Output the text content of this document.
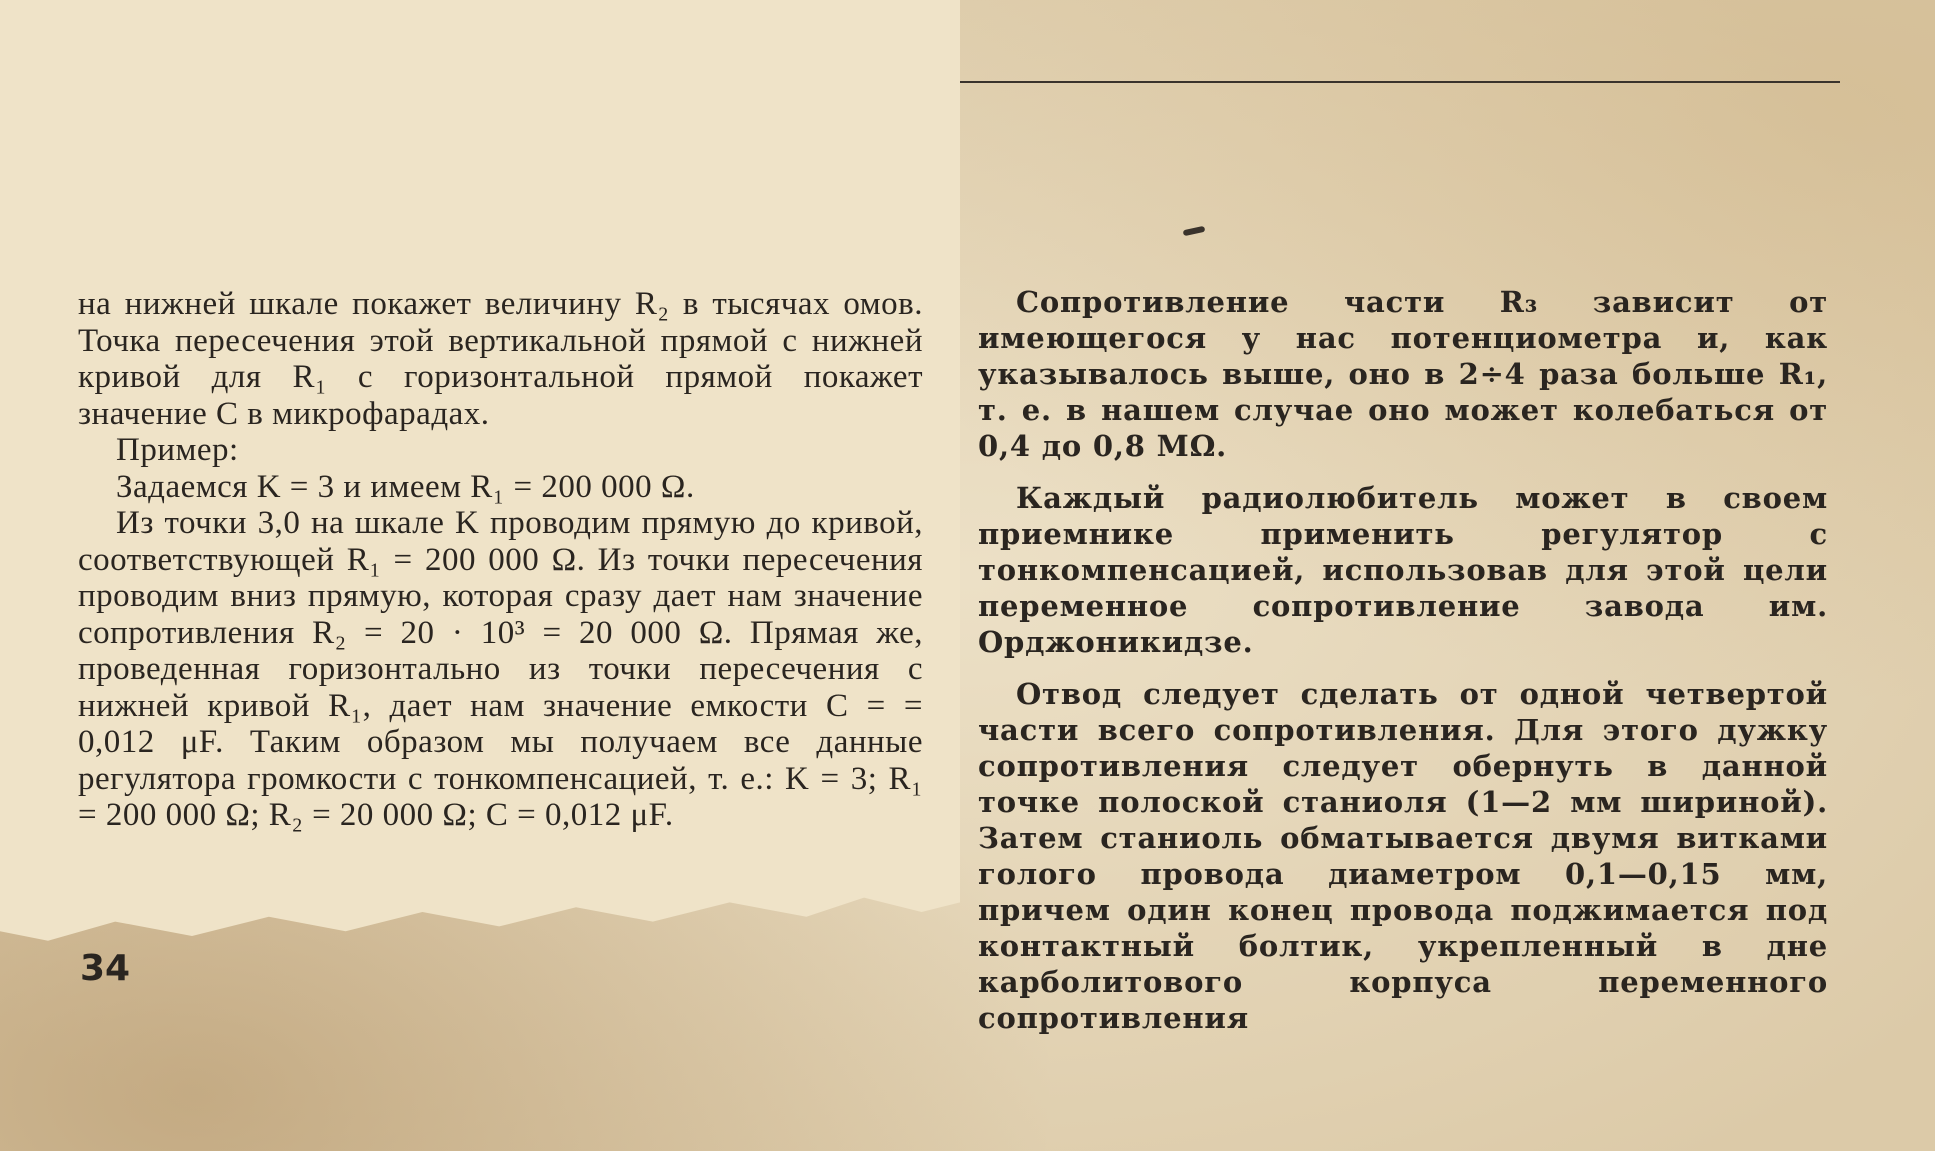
на нижней шкале покажет величину R₂ в тысячах омов. Точка пересечения этой вертикальной прямой с нижней кривой для R₁ с горизонтальной прямой покажет значение C в микрофарадах.

Пример:

Задаемся K = 3 и имеем R₁ = 200 000 Ω.

Из точки 3,0 на шкале K проводим прямую до кривой, соответствующей R₁ = 200 000 Ω. Из точки пересечения проводим вниз прямую, которая сразу дает нам значение сопротивления R₂ = 20 · 10³ = 20 000 Ω. Прямая же, проведенная горизонтально из точки пересечения с нижней кривой R₁, дает нам значение емкости C = = 0,012 μF. Таким образом мы получаем все данные регулятора громкости с тонкомпенсацией, т. е.: K = 3; R₁ = 200 000 Ω; R₂ = 20 000 Ω; C = 0,012 μF.

Сопротивление части R₃ зависит от имеющегося у нас потенциометра и, как указывалось выше, оно в 2÷4 раза больше R₁, т. е. в нашем случае оно может колебаться от 0,4 до 0,8 MΩ.

Каждый радиолюбитель может в своем приемнике применить регулятор с тонкомпенсацией, использовав для этой цели переменное сопротивление завода им. Орджоникидзе.

Отвод следует сделать от одной четвертой части всего сопротивления. Для этого дужку сопротивления следует обернуть в данной точке полоской станиоля (1—2 мм шириной). Затем станиоль обматывается двумя витками голого провода диаметром 0,1—0,15 мм, причем один конец провода поджимается под контактный болтик, укрепленный в дне карболитового корпуса переменного сопротивления

34
